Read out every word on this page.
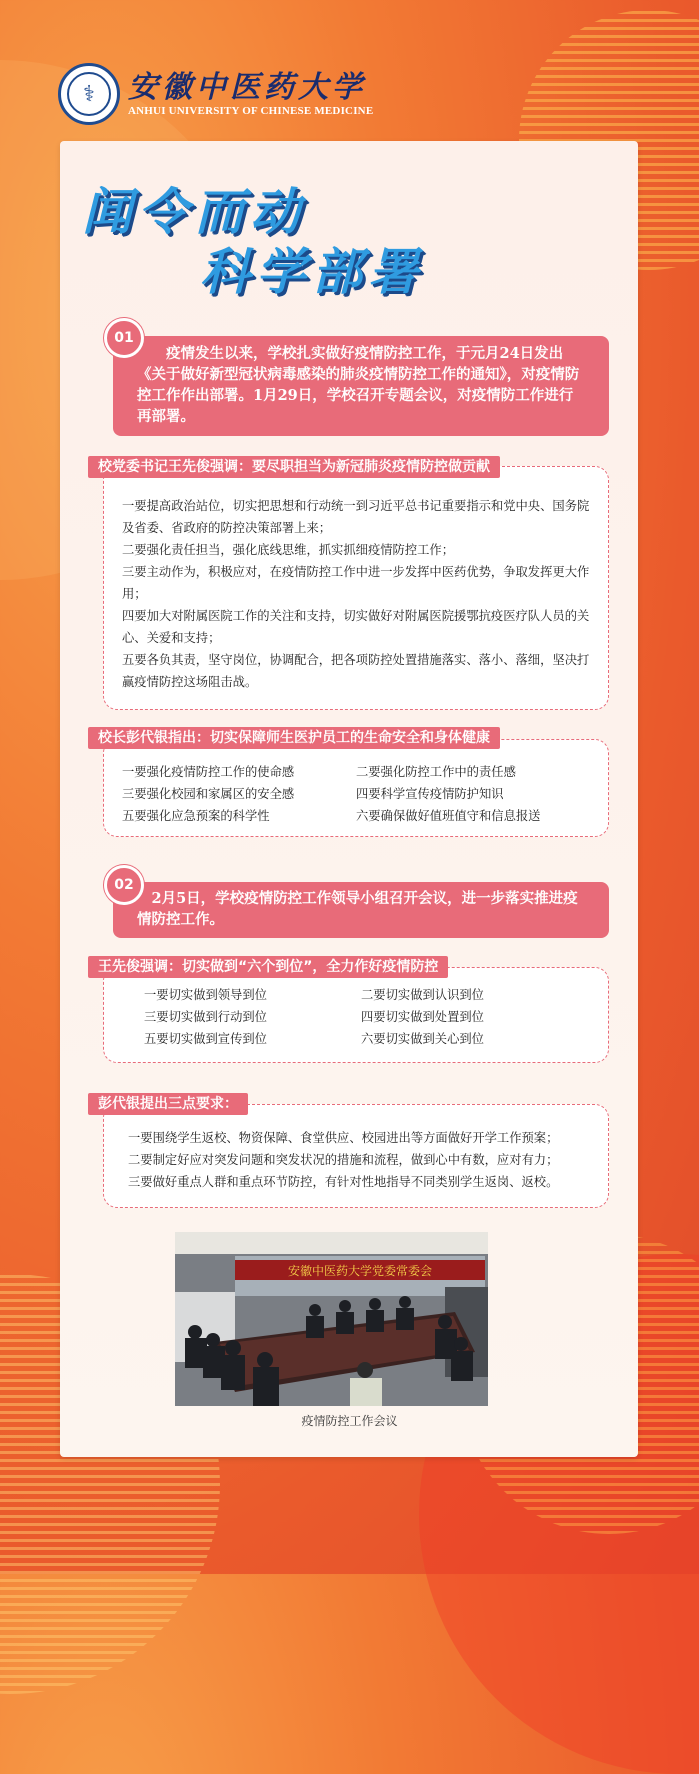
⚕	安徽中医药大学
ANHUI UNIVERSITY OF CHINESE MEDICINE
闻令而动
科学部署
疫情发生以来，学校扎实做好疫情防控工作，于元月24日发出《关于做好新型冠状病毒感染的肺炎疫情防控工作的通知》，对疫情防控工作作出部署。1月29日，学校召开专题会议，对疫情防工作进行再部署。
01

一要提高政治站位，切实把思想和行动统一到习近平总书记重要指示和党中央、国务院及省委、省政府的防控决策部署上来；

二要强化责任担当，强化底线思维，抓实抓细疫情防控工作；

三要主动作为，积极应对，在疫情防控工作中进一步发挥中医药优势，争取发挥更大作用；

四要加大对附属医院工作的关注和支持，切实做好对附属医院援鄂抗疫医疗队人员的关心、关爱和支持；

五要各负其责，坚守岗位，协调配合，把各项防控处置措施落实、落小、落细，坚决打赢疫情防控这场阻击战。

校党委书记王先俊强调：要尽职担当为新冠肺炎疫情防控做贡献
一要强化疫情防控工作的使命感	二要强化防控工作中的责任感
三要强化校园和家属区的安全感	四要科学宣传疫情防护知识
五要强化应急预案的科学性	六要确保做好值班值守和信息报送
校长彭代银指出：切实保障师生医护员工的生命安全和身体健康
2月5日，学校疫情防控工作领导小组召开会议，进一步落实推进疫情防控工作。
02
一要切实做到领导到位	二要切实做到认识到位
三要切实做到行动到位	四要切实做到处置到位
五要切实做到宣传到位	六要切实做到关心到位
王先俊强调：切实做到“六个到位”，全力作好疫情防控

一要围绕学生返校、物资保障、食堂供应、校园进出等方面做好开学工作预案；

二要制定好应对突发问题和突发状况的措施和流程，做到心中有数，应对有力；

三要做好重点人群和重点环节防控，有针对性地指导不同类别学生返岗、返校。

彭代银提出三点要求：
安徽中医药大学党委常委会
疫情防控工作会议
